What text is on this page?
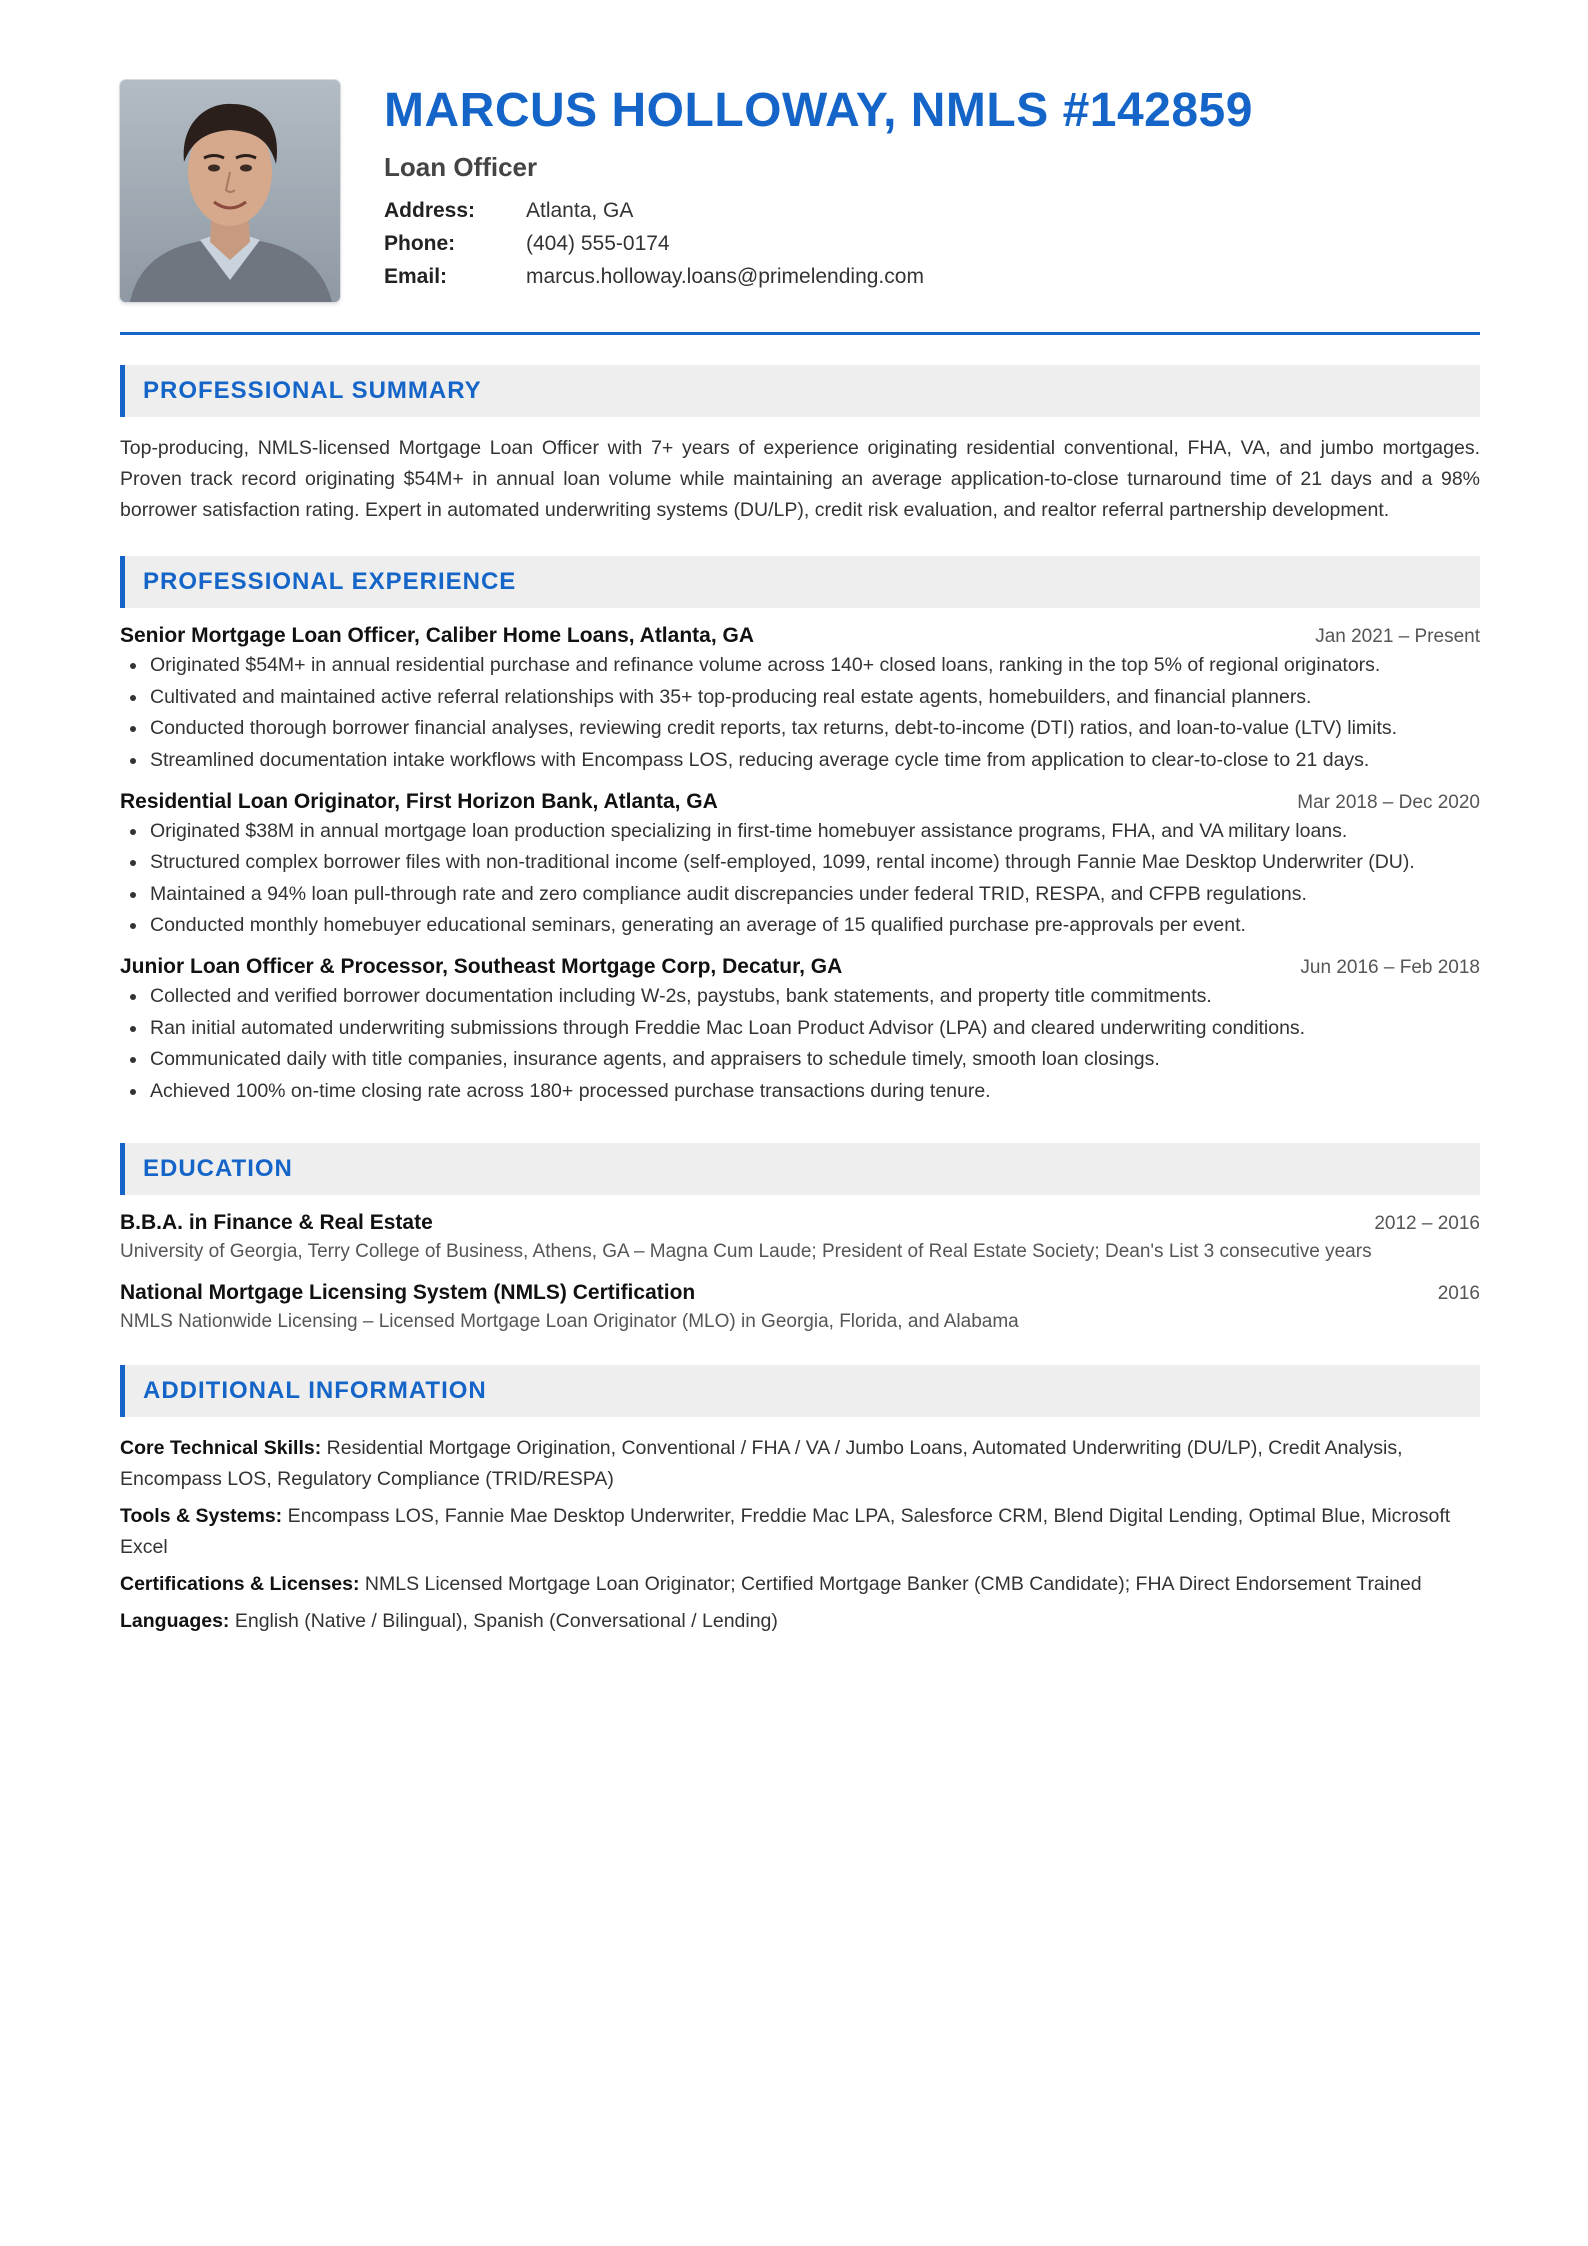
MARCUS HOLLOWAY, NMLS #142859
Loan Officer
Address:	Atlanta, GA
Phone:	(404) 555-0174
Email:	marcus.holloway.loans@primelending.com
PROFESSIONAL SUMMARY
Top-producing, NMLS-licensed Mortgage Loan Officer with 7+ years of experience originating residential conventional, FHA, VA, and jumbo mortgages. Proven track record originating $54M+ in annual loan volume while maintaining an average application-to-close turnaround time of 21 days and a 98% borrower satisfaction rating. Expert in automated underwriting systems (DU/LP), credit risk evaluation, and realtor referral partnership development.
PROFESSIONAL EXPERIENCE
Senior Mortgage Loan Officer, Caliber Home Loans, Atlanta, GA	Jan 2021 – Present
• Originated $54M+ in annual residential purchase and refinance volume across 140+ closed loans, ranking in the top 5% of regional originators.
• Cultivated and maintained active referral relationships with 35+ top-producing real estate agents, homebuilders, and financial planners.
• Conducted thorough borrower financial analyses, reviewing credit reports, tax returns, debt-to-income (DTI) ratios, and loan-to-value (LTV) limits.
• Streamlined documentation intake workflows with Encompass LOS, reducing average cycle time from application to clear-to-close to 21 days.
Residential Loan Originator, First Horizon Bank, Atlanta, GA	Mar 2018 – Dec 2020
• Originated $38M in annual mortgage loan production specializing in first-time homebuyer assistance programs, FHA, and VA military loans.
• Structured complex borrower files with non-traditional income (self-employed, 1099, rental income) through Fannie Mae Desktop Underwriter (DU).
• Maintained a 94% loan pull-through rate and zero compliance audit discrepancies under federal TRID, RESPA, and CFPB regulations.
• Conducted monthly homebuyer educational seminars, generating an average of 15 qualified purchase pre-approvals per event.
Junior Loan Officer & Processor, Southeast Mortgage Corp, Decatur, GA	Jun 2016 – Feb 2018
• Collected and verified borrower documentation including W-2s, paystubs, bank statements, and property title commitments.
• Ran initial automated underwriting submissions through Freddie Mac Loan Product Advisor (LPA) and cleared underwriting conditions.
• Communicated daily with title companies, insurance agents, and appraisers to schedule timely, smooth loan closings.
• Achieved 100% on-time closing rate across 180+ processed purchase transactions during tenure.
EDUCATION
B.B.A. in Finance & Real Estate	2012 – 2016
University of Georgia, Terry College of Business, Athens, GA – Magna Cum Laude; President of Real Estate Society; Dean's List 3 consecutive years
National Mortgage Licensing System (NMLS) Certification	2016
NMLS Nationwide Licensing – Licensed Mortgage Loan Originator (MLO) in Georgia, Florida, and Alabama
ADDITIONAL INFORMATION
Core Technical Skills: Residential Mortgage Origination, Conventional / FHA / VA / Jumbo Loans, Automated Underwriting (DU/LP), Credit Analysis, Encompass LOS, Regulatory Compliance (TRID/RESPA)
Tools & Systems: Encompass LOS, Fannie Mae Desktop Underwriter, Freddie Mac LPA, Salesforce CRM, Blend Digital Lending, Optimal Blue, Microsoft Excel
Certifications & Licenses: NMLS Licensed Mortgage Loan Originator; Certified Mortgage Banker (CMB Candidate); FHA Direct Endorsement Trained
Languages: English (Native / Bilingual), Spanish (Conversational / Lending)
